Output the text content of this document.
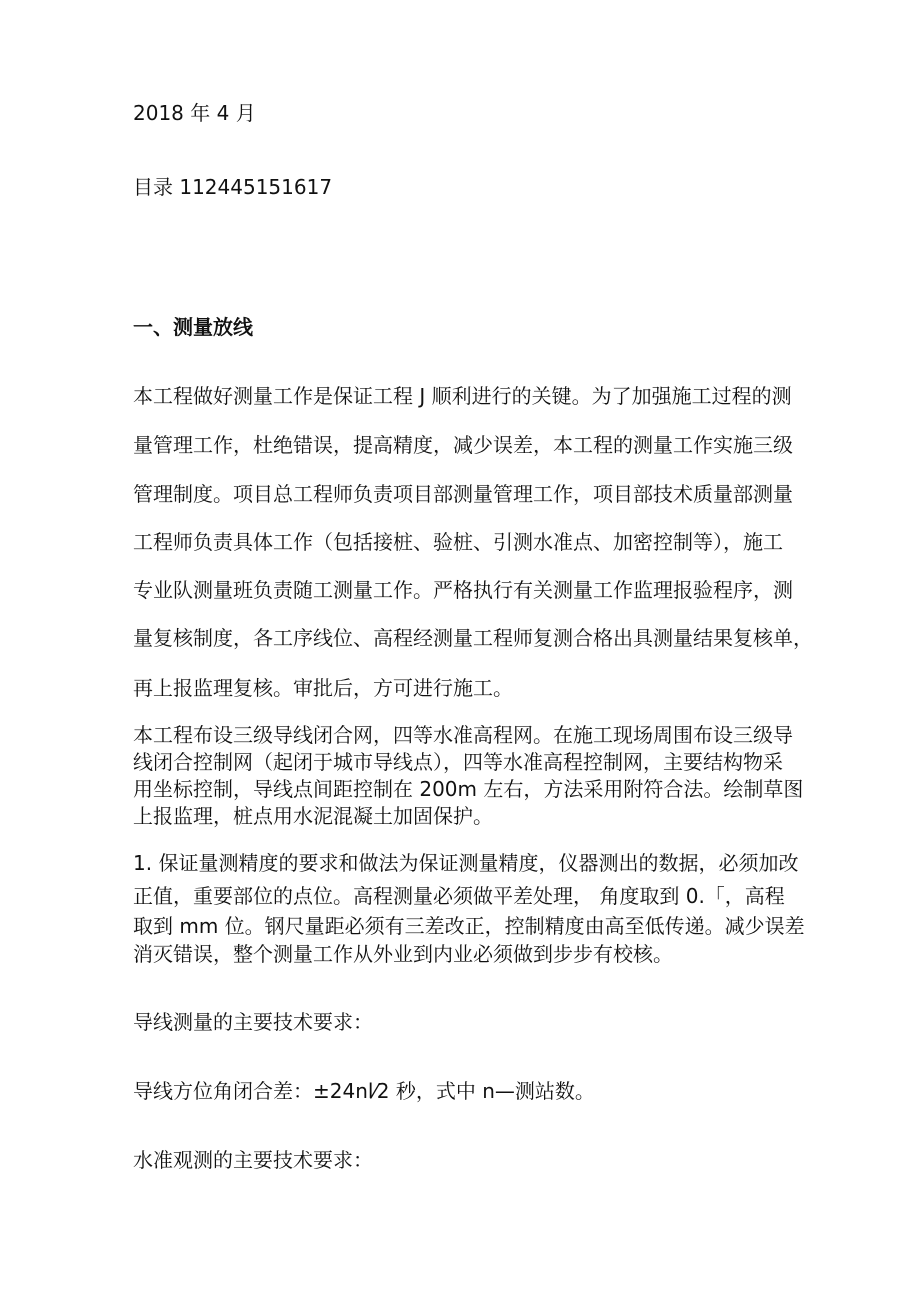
2018 年 4 月
目录 112445151617
一、测量放线
本工程做好测量工作是保证工程 J 顺利进行的关键。为了加强施工过程的测
量管理工作，杜绝错误，提高精度，减少误差，本工程的测量工作实施三级
管理制度。项目总工程师负责项目部测量管理工作，项目部技术质量部测量
工程师负责具体工作（包括接桩、验桩、引测水准点、加密控制等），施工
专业队测量班负责随工测量工作。严格执行有关测量工作监理报验程序，测
量复核制度，各工序线位、高程经测量工程师复测合格出具测量结果复核单，
再上报监理复核。审批后，方可进行施工。
本工程布设三级导线闭合网，四等水准高程网。在施工现场周围布设三级导
线闭合控制网（起闭于城市导线点），四等水准高程控制网，主要结构物采
用坐标控制，导线点间距控制在 200m 左右，方法采用附符合法。绘制草图
上报监理，桩点用水泥混凝土加固保护。
1. 保证量测精度的要求和做法为保证测量精度，仪器测出的数据，必须加改
正值，重要部位的点位。高程测量必须做平差处理， 角度取到 0.「，高程
取到 mm 位。钢尺量距必须有三差改正，控制精度由高至低传递。减少误差
消灭错误，整个测量工作从外业到内业必须做到步步有校核。
导线测量的主要技术要求：
导线方位角闭合差：±24nl⁄2 秒，式中 n—测站数。
水准观测的主要技术要求：
